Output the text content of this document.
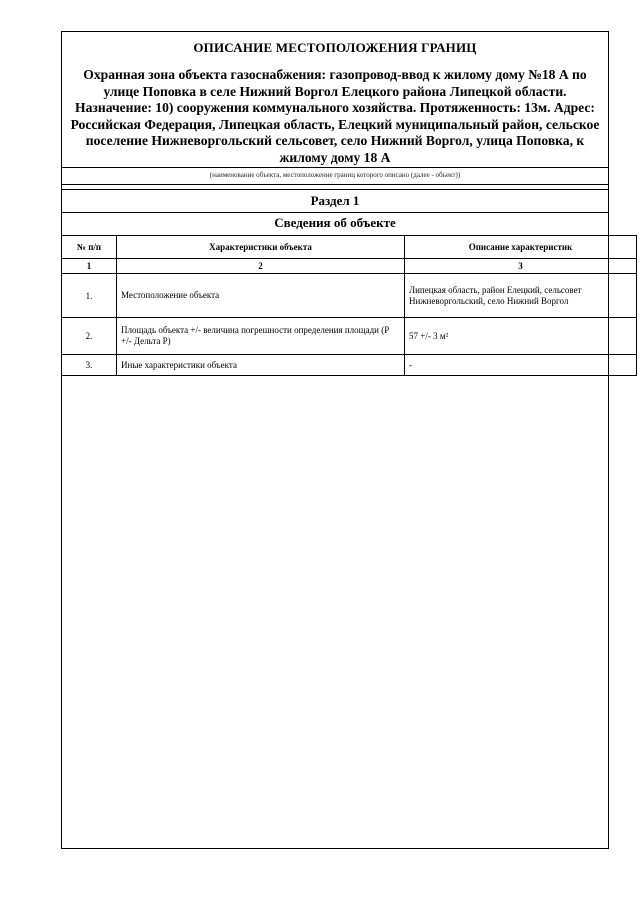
ОПИСАНИЕ МЕСТОПОЛОЖЕНИЯ ГРАНИЦ
Охранная зона объекта газоснабжения: газопровод-ввод к жилому дому №18 А по улице Поповка в селе Нижний Воргол Елецкого района Липецкой области. Назначение: 10) сооружения коммунального хозяйства. Протяженность: 13м. Адрес: Российская Федерация, Липецкая область, Елецкий муниципальный район, сельское поселение Нижневоргольский сельсовет, село Нижний Воргол, улица Поповка, к жилому дому 18 А
(наименование объекта, местоположение границ которого описано (далее - объект))
Раздел 1
Сведения об объекте
№ п/п	Характеристики объекта	Описание характеристик
1	2	3
1.	Местоположение объекта	Липецкая область, район Елецкий, сельсовет Нижневоргольский, село Нижний Воргол
2.	Площадь объекта +/- величина погрешности определения площади (Р +/- Дельта Р)	57 +/- 3 м²
3.	Иные характеристики объекта	-
